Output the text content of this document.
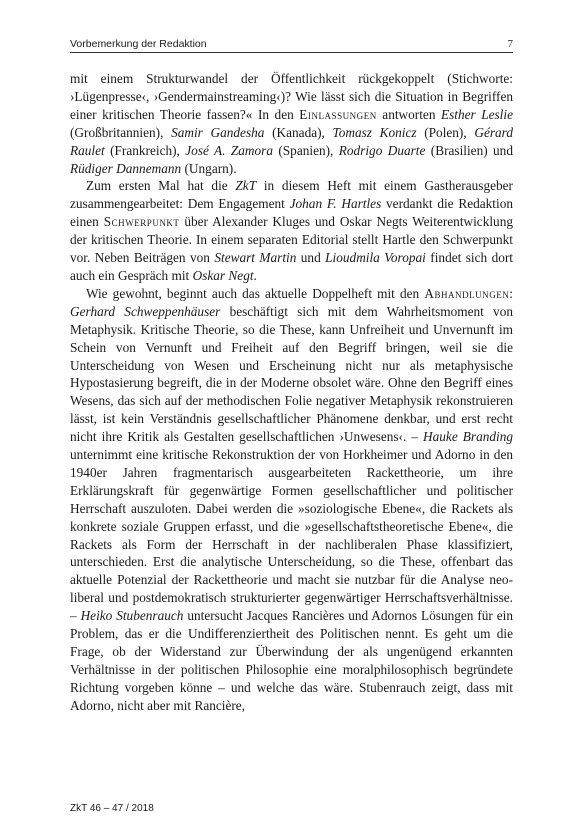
Vorbemerkung der Redaktion	7

mit einem Strukturwandel der Öffentlichkeit rückgekoppelt (Stichworte: ›Lügenpresse‹, ›Gendermainstreaming‹)? Wie lässt sich die Situation in Begriffen einer kritischen Theorie fassen?« In den Einlassungen antworten Esther Leslie (Großbritannien), Samir Gandesha (Kanada), Tomasz Konicz (Polen), Gérard Raulet (Frankreich), José A. Zamora (Spanien), Rodrigo Duarte (Brasilien) und Rüdiger Dannemann (Ungarn).

Zum ersten Mal hat die ZkT in diesem Heft mit einem Gastherausgeber zusammengearbeitet: Dem Engagement Johan F. Hartles verdankt die Redaktion einen Schwerpunkt über Alexander Kluges und Oskar Negts Weiterentwicklung der kritischen Theorie. In einem separaten Editorial stellt Hartle den Schwerpunkt vor. Neben Beiträgen von Stewart Martin und Lioudmila Voropai findet sich dort auch ein Gespräch mit Oskar Negt.

Wie gewohnt, beginnt auch das aktuelle Doppelheft mit den Abhandlungen: Gerhard Schweppenhäuser beschäftigt sich mit dem Wahrheitsmoment von Metaphysik. Kritische Theorie, so die These, kann Unfreiheit und Unvernunft im Schein von Vernunft und Freiheit auf den Begriff bringen, weil sie die Unterscheidung von Wesen und Erscheinung nicht nur als metaphysische Hypostasierung begreift, die in der Moderne obsolet wäre. Ohne den Begriff eines Wesens, das sich auf der methodischen Folie negativer Metaphysik rekonstruieren lässt, ist kein Verständnis gesellschaftlicher Phänomene denkbar, und erst recht nicht ihre Kritik als Gestalten gesellschaftlichen ›Unwesens‹. – Hauke Branding unternimmt eine kritische Rekonstruktion der von Horkheimer und Adorno in den 1940er Jahren fragmentarisch ausgearbeiteten Rackettheorie, um ihre Erklärungskraft für gegenwärtige Formen gesellschaftlicher und politischer Herrschaft auszuloten. Dabei werden die »soziologische Ebene«, die Rackets als konkrete soziale Gruppen erfasst, und die »gesellschaftstheoretische Ebene«, die Rackets als Form der Herrschaft in der nachliberalen Phase klassifiziert, unterschieden. Erst die analytische Unterscheidung, so die These, offenbart das aktuelle Potenzial der Rackettheorie und macht sie nutzbar für die Analyse neoliberal und postdemokratisch strukturierter gegenwärtiger Herrschaftsverhältnisse. – Heiko Stubenrauch untersucht Jacques Rancières und Adornos Lösungen für ein Problem, das er die Undifferenziertheit des Politischen nennt. Es geht um die Frage, ob der Widerstand zur Überwindung der als ungenügend erkannten Verhältnisse in der politischen Philosophie eine moralphilosophisch begründete Richtung vorgeben könne – und welche das wäre. Stubenrauch zeigt, dass mit Adorno, nicht aber mit Rancière,

ZkT 46 – 47 / 2018
